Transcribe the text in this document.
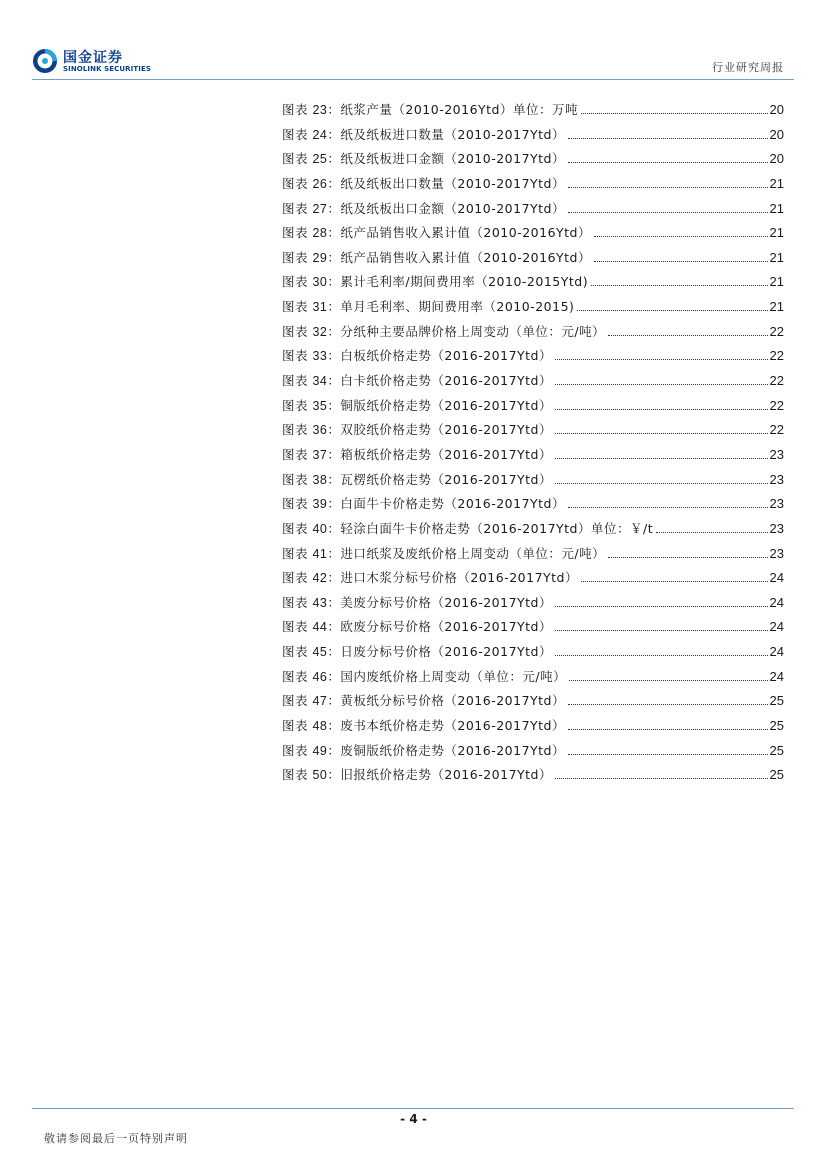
国金证券
SINOLINK SECURITIES	行业研究周报
图表 23：纸浆产量（2010-2016Ytd）单位：万吨	20
图表 24：纸及纸板进口数量（2010-2017Ytd）	20
图表 25：纸及纸板进口金额（2010-2017Ytd）	20
图表 26：纸及纸板出口数量（2010-2017Ytd）	21
图表 27：纸及纸板出口金额（2010-2017Ytd）	21
图表 28：纸产品销售收入累计值（2010-2016Ytd）	21
图表 29：纸产品销售收入累计值（2010-2016Ytd）	21
图表 30：累计毛利率/期间费用率（2010-2015Ytd)	21
图表 31：单月毛利率、期间费用率（2010-2015)	21
图表 32：分纸种主要品牌价格上周变动（单位：元/吨）	22
图表 33：白板纸价格走势（2016-2017Ytd）	22
图表 34：白卡纸价格走势（2016-2017Ytd）	22
图表 35：铜版纸价格走势（2016-2017Ytd）	22
图表 36：双胶纸价格走势（2016-2017Ytd）	22
图表 37：箱板纸价格走势（2016-2017Ytd）	23
图表 38：瓦楞纸价格走势（2016-2017Ytd）	23
图表 39：白面牛卡价格走势（2016-2017Ytd）	23
图表 40：轻涂白面牛卡价格走势（2016-2017Ytd）单位：￥/t	23
图表 41：进口纸浆及废纸价格上周变动（单位：元/吨）	23
图表 42：进口木浆分标号价格（2016-2017Ytd）	24
图表 43：美废分标号价格（2016-2017Ytd）	24
图表 44：欧废分标号价格（2016-2017Ytd）	24
图表 45：日废分标号价格（2016-2017Ytd）	24
图表 46：国内废纸价格上周变动（单位：元/吨）	24
图表 47：黄板纸分标号价格（2016-2017Ytd）	25
图表 48：废书本纸价格走势（2016-2017Ytd）	25
图表 49：废铜版纸价格走势（2016-2017Ytd）	25
图表 50：旧报纸价格走势（2016-2017Ytd）	25
- 4 -
敬请参阅最后一页特别声明
